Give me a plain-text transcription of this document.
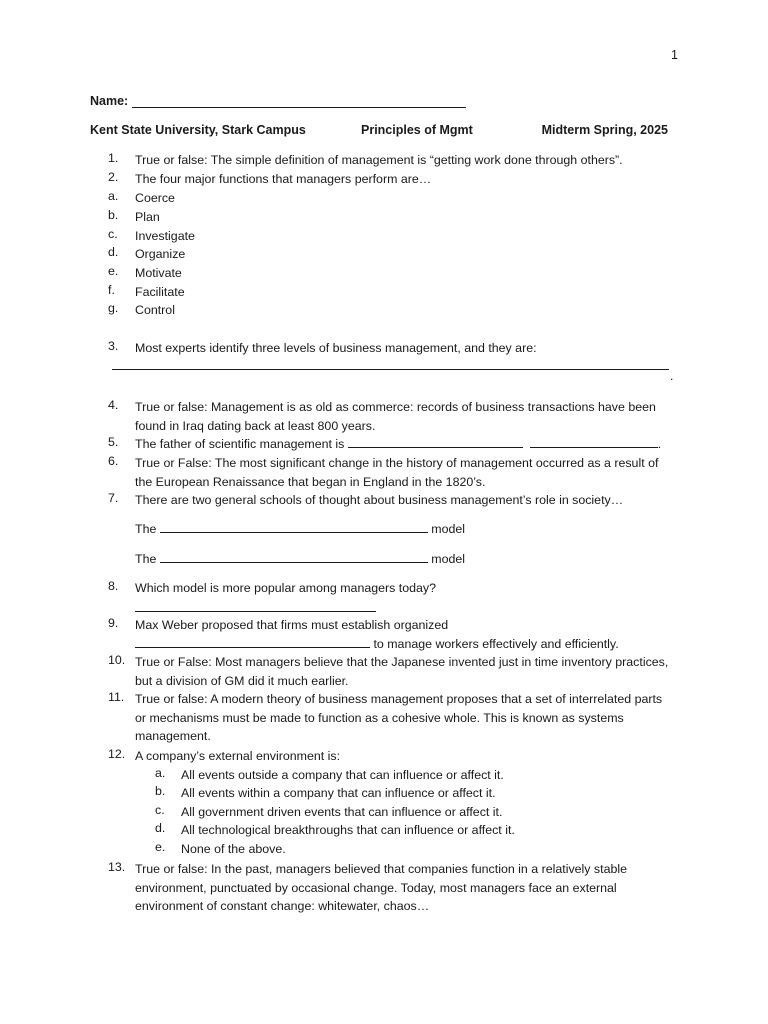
1
Name:
Kent State University, Stark Campus	Principles of Mgmt	Midterm Spring, 2025
1.	True or false: The simple definition of management is “getting work done through others”.
2.	The four major functions that managers perform are…
a.	Coerce
b.	Plan
c.	Investigate
d.	Organize
e.	Motivate
f.	Facilitate
g.	Control
3.	Most experts identify three levels of business management, and they are:
.
4.	True or false: Management is as old as commerce: records of business transactions have been found in Iraq dating back at least 800 years.
5.	The father of scientific management is	.
6.	True or False: The most significant change in the history of management occurred as a result of the European Renaissance that began in England in the 1820’s.
7.	There are two general schools of thought about business management’s role in society…
The	model
The	model
8.	Which model is more popular among managers today?
9.	Max Weber proposed that firms must establish organized
to manage workers effectively and efficiently.
10. True or False: Most managers believe that the Japanese invented just in time inventory practices, but a division of GM did it much earlier.
11. True or false: A modern theory of business management proposes that a set of interrelated parts or mechanisms must be made to function as a cohesive whole. This is known as systems management.
12. A company’s external environment is:
a.	All events outside a company that can influence or affect it.
b.	All events within a company that can influence or affect it.
c.	All government driven events that can influence or affect it.
d.	All technological breakthroughs that can influence or affect it.
e.	None of the above.
13. True or false: In the past, managers believed that companies function in a relatively stable environment, punctuated by occasional change. Today, most managers face an external environment of constant change: whitewater, chaos…
